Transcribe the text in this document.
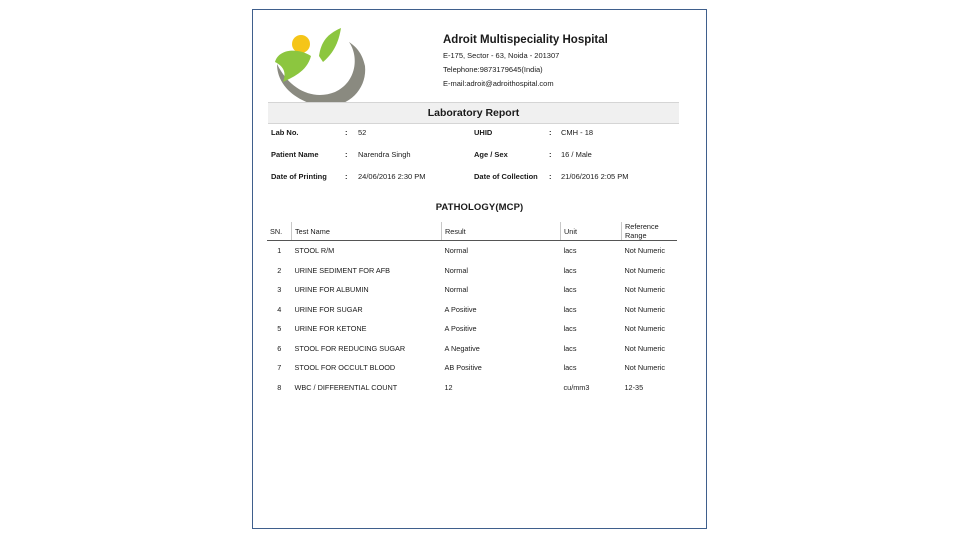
Adroit Multispeciality Hospital
E-175, Sector - 63, Noida - 201307
Telephone:9873179645(India)
E-mail:adroit@adroithospital.com
Laboratory Report
Lab No.	: 52	UHID	: CMH - 18
Patient Name	: Narendra Singh	Age / Sex	: 16 / Male
Date of Printing : 24/06/2016 2:30 PM	Date of Collection : 21/06/2016 2:05 PM
PATHOLOGY(MCP)
SN.	Test Name	Result	Unit	Reference Range
1	STOOL R/M	Normal	lacs	Not Numeric
2	URINE SEDIMENT FOR AFB	Normal	lacs	Not Numeric
3	URINE FOR ALBUMIN	Normal	lacs	Not Numeric
4	URINE FOR SUGAR	A Positive	lacs	Not Numeric
5	URINE FOR KETONE	A Positive	lacs	Not Numeric
6	STOOL FOR REDUCING SUGAR	A Negative	lacs	Not Numeric
7	STOOL FOR OCCULT BLOOD	AB Positive	lacs	Not Numeric
8	WBC / DIFFERENTIAL COUNT	12	cu/mm3	12-35
